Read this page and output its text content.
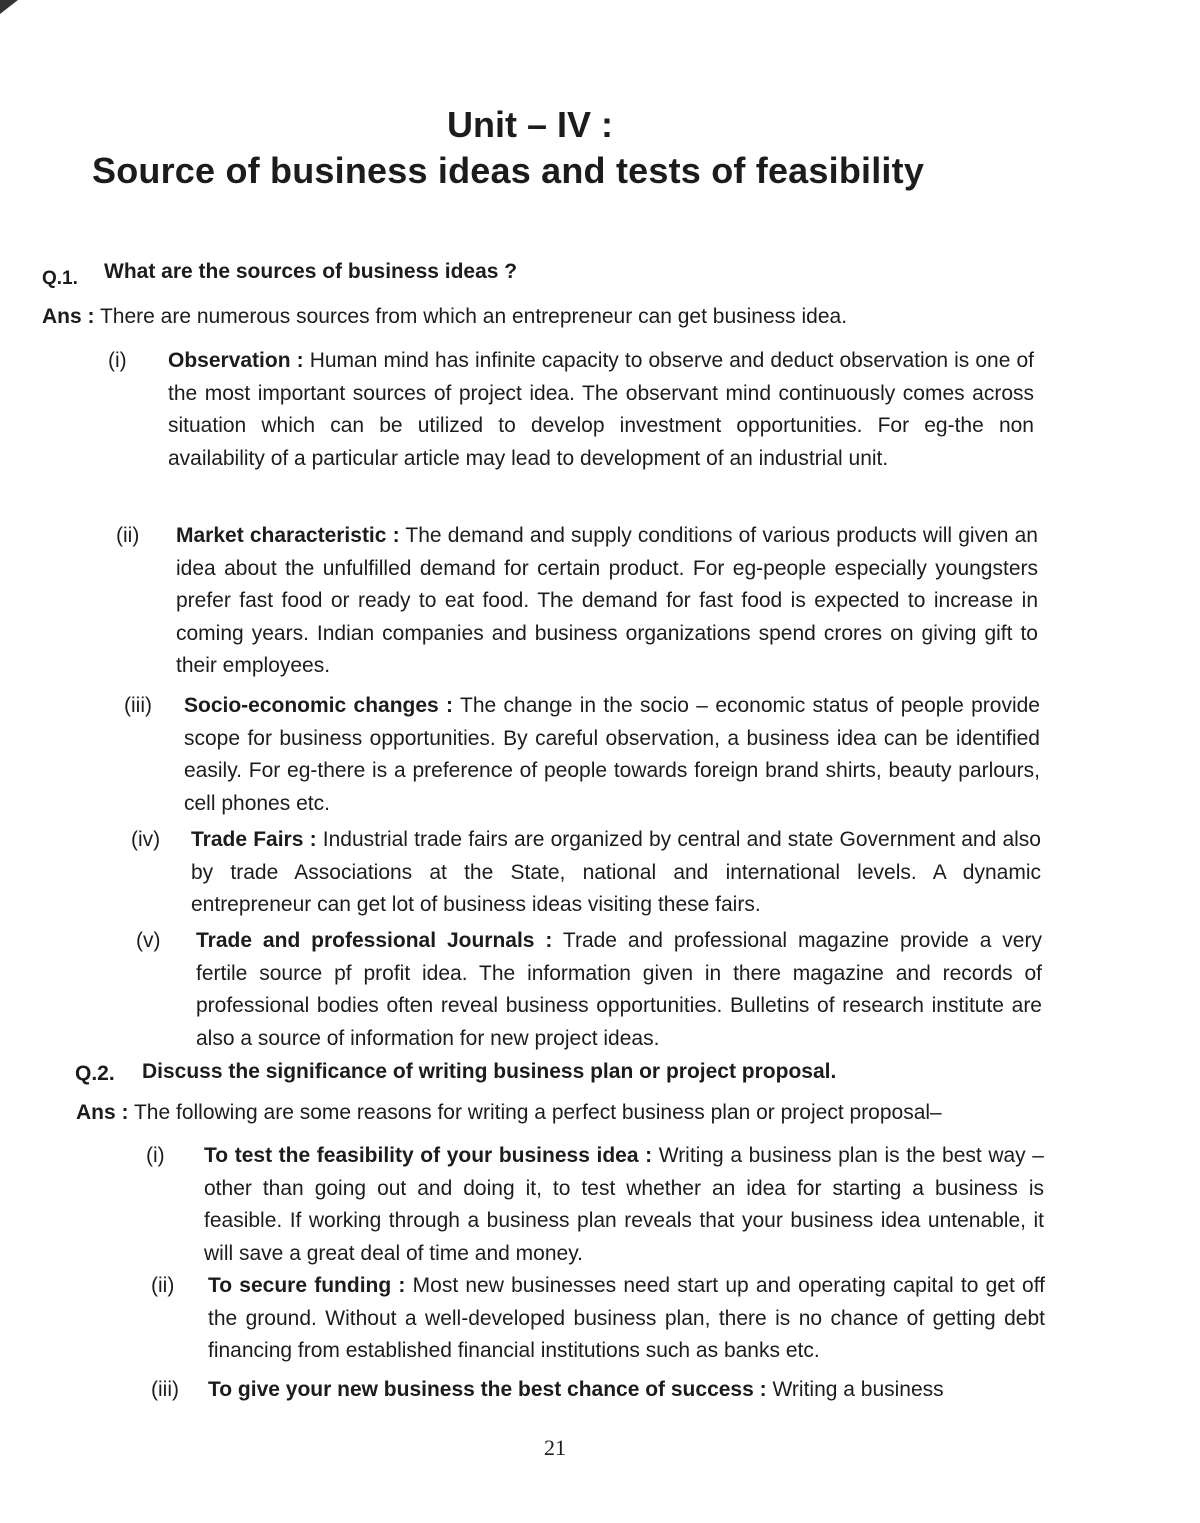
Unit – IV :
Source of business ideas and tests of feasibility
Q.1. What are the sources of business ideas ?
Ans : There are numerous sources from which an entrepreneur can get business idea.
(i) Observation : Human mind has infinite capacity to observe and deduct observation is one of the most important sources of project idea. The observant mind continuously comes across situation which can be utilized to develop investment opportunities. For eg-the non availability of a particular article may lead to development of an industrial unit.
(ii) Market characteristic : The demand and supply conditions of various products will given an idea about the unfulfilled demand for certain product. For eg-people especially youngsters prefer fast food or ready to eat food. The demand for fast food is expected to increase in coming years. Indian companies and business organizations spend crores on giving gift to their employees.
(iii) Socio-economic changes : The change in the socio – economic status of people provide scope for business opportunities. By careful observation, a business idea can be identified easily. For eg-there is a preference of people towards foreign brand shirts, beauty parlours, cell phones etc.
(iv) Trade Fairs : Industrial trade fairs are organized by central and state Government and also by trade Associations at the State, national and international levels. A dynamic entrepreneur can get lot of business ideas visiting these fairs.
(v) Trade and professional Journals : Trade and professional magazine provide a very fertile source pf profit idea. The information given in there magazine and records of professional bodies often reveal business opportunities. Bulletins of research institute are also a source of information for new project ideas.
Q.2. Discuss the significance of writing business plan or project proposal.
Ans : The following are some reasons for writing a perfect business plan or project proposal–
(i) To test the feasibility of your business idea : Writing a business plan is the best way – other than going out and doing it, to test whether an idea for starting a business is feasible. If working through a business plan reveals that your business idea untenable, it will save a great deal of time and money.
(ii) To secure funding : Most new businesses need start up and operating capital to get off the ground. Without a well-developed business plan, there is no chance of getting debt financing from established financial institutions such as banks etc.
(iii) To give your new business the best chance of success : Writing a business
21
